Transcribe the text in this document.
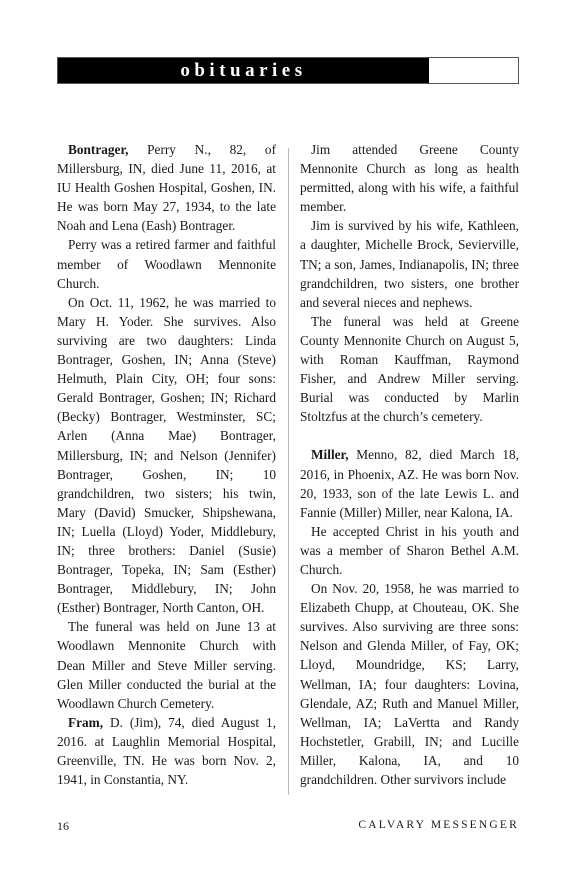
obituaries

Bontrager, Perry N., 82, of Millersburg, IN, died June 11, 2016, at IU Health Goshen Hospital, Goshen, IN. He was born May 27, 1934, to the late Noah and Lena (Eash) Bontrager.

Perry was a retired farmer and faithful member of Woodlawn Mennonite Church.

On Oct. 11, 1962, he was married to Mary H. Yoder. She survives. Also surviving are two daughters: Linda Bontrager, Goshen, IN; Anna (Steve) Helmuth, Plain City, OH; four sons: Gerald Bontrager, Goshen; IN; Richard (Becky) Bontrager, Westminster, SC; Arlen (Anna Mae) Bontrager, Millersburg, IN; and Nelson (Jennifer) Bontrager, Goshen, IN; 10 grandchildren, two sisters; his twin, Mary (David) Smucker, Shipshewana, IN; Luella (Lloyd) Yoder, Middlebury, IN; three brothers: Daniel (Susie) Bontrager, Topeka, IN; Sam (Esther) Bontrager, Middlebury, IN; John (Esther) Bontrager, North Canton, OH.

The funeral was held on June 13 at Woodlawn Mennonite Church with Dean Miller and Steve Miller serving. Glen Miller conducted the burial at the Woodlawn Church Cemetery.

Fram, D. (Jim), 74, died August 1, 2016. at Laughlin Memorial Hospital, Greenville, TN. He was born Nov. 2, 1941, in Constantia, NY.

Jim attended Greene County Mennonite Church as long as health permitted, along with his wife, a faithful member.

Jim is survived by his wife, Kathleen, a daughter, Michelle Brock, Sevierville, TN; a son, James, Indianapolis, IN; three grandchildren, two sisters, one brother and several nieces and nephews.

The funeral was held at Greene County Mennonite Church on August 5, with Roman Kauffman, Raymond Fisher, and Andrew Miller serving. Burial was conducted by Marlin Stoltzfus at the church’s cemetery.

Miller, Menno, 82, died March 18, 2016, in Phoenix, AZ. He was born Nov. 20, 1933, son of the late Lewis L. and Fannie (Miller) Miller, near Kalona, IA.

He accepted Christ in his youth and was a member of Sharon Bethel A.M. Church.

On Nov. 20, 1958, he was married to Elizabeth Chupp, at Chouteau, OK. She survives. Also surviving are three sons: Nelson and Glenda Miller, of Fay, OK; Lloyd, Moundridge, KS; Larry, Wellman, IA; four daughters: Lovina, Glendale, AZ; Ruth and Manuel Miller, Wellman, IA; LaVertta and Randy Hochstetler, Grabill, IN; and Lucille Miller, Kalona, IA, and 10 grandchildren. Other survivors include

16	CALVARY MESSENGER
